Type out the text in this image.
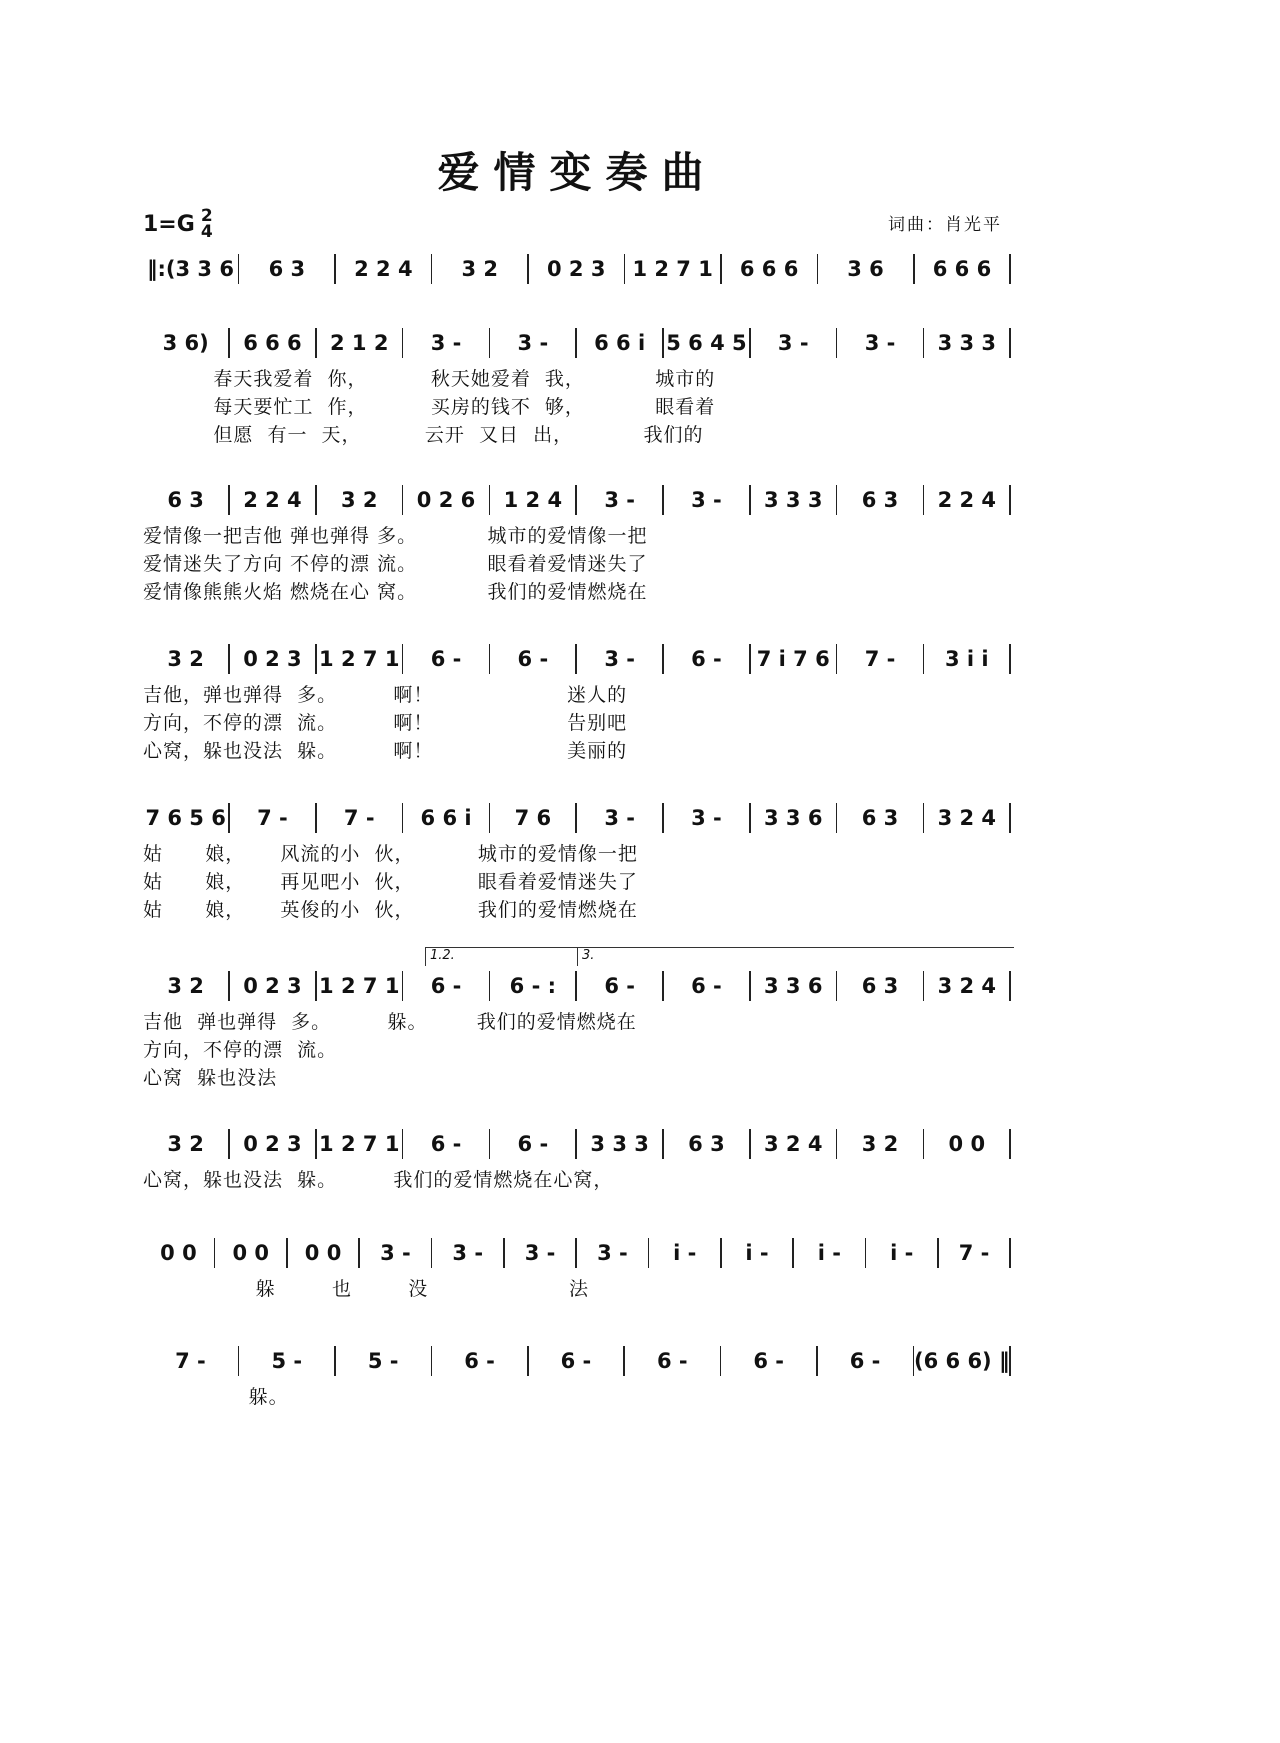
爱情变奏曲
1=G 2
4	词曲：肖光平
‖:(3 3 6	6 3	2 2 4	3 2	0 2 3	1 2 7 1	6 6 6	3 6	6 6 6
3 6)	6 6 6	2 1 2	3 -	3 -	6 6 i	5 6 4 5	3 -	3 -	3 3 3
春天我爱着  你，         秋天她爱着  我，          城市的
每天要忙工  作，         买房的钱不  够，          眼看着
但愿  有一  天，         云开  又日  出，          我们的
6 3	2 2 4	3 2	0 2 6	1 2 4	3 -	3 -	3 3 3	6 3	2 2 4
爱情像一把吉他 弹也弹得 多。          城市的爱情像一把
爱情迷失了方向 不停的漂 流。          眼看着爱情迷失了
爱情像熊熊火焰 燃烧在心 窝。          我们的爱情燃烧在
3 2	0 2 3 1 2 7 1	6 -	6 -	3 -	6 -	7 i 7 6	7 -	3 i i
吉他，弹也弹得  多。        啊！                   迷人的
方向，不停的漂  流。        啊！                   告别吧
心窝，躲也没法  躲。        啊！                   美丽的
7 6 5 6	7 -	7 -	6 6 i	7 6	3 -	3 -	3 3 6	6 3	3 2 4
姑      娘，     风流的小  伙，         城市的爱情像一把
姑      娘，     再见吧小  伙，         眼看着爱情迷失了
姑      娘，     英俊的小  伙，         我们的爱情燃烧在
3 2	0 2 3 1 2 7 1	6 -	6 - :	6 -	6 -	3 3 6	6 3	3 2 4
吉他  弹也弹得  多。        躲。       我们的爱情燃烧在
方向，不停的漂  流。
心窝  躲也没法
1.2.	3.
3 2	0 2 3 1 2 7 1	6 -	6 -	3 3 3	6 3	3 2 4	3 2	0 0
心窝，躲也没法  躲。        我们的爱情燃烧在心窝，
0 0	0 0	0 0	3 -	3 -	3 -	3 -	i -	i -	i -	i -	7 -
躲        也        没                    法
7 -	5 -	5 -	6 -	6 -	6 -	6 -	6 -	(6 6 6) ‖
躲。
